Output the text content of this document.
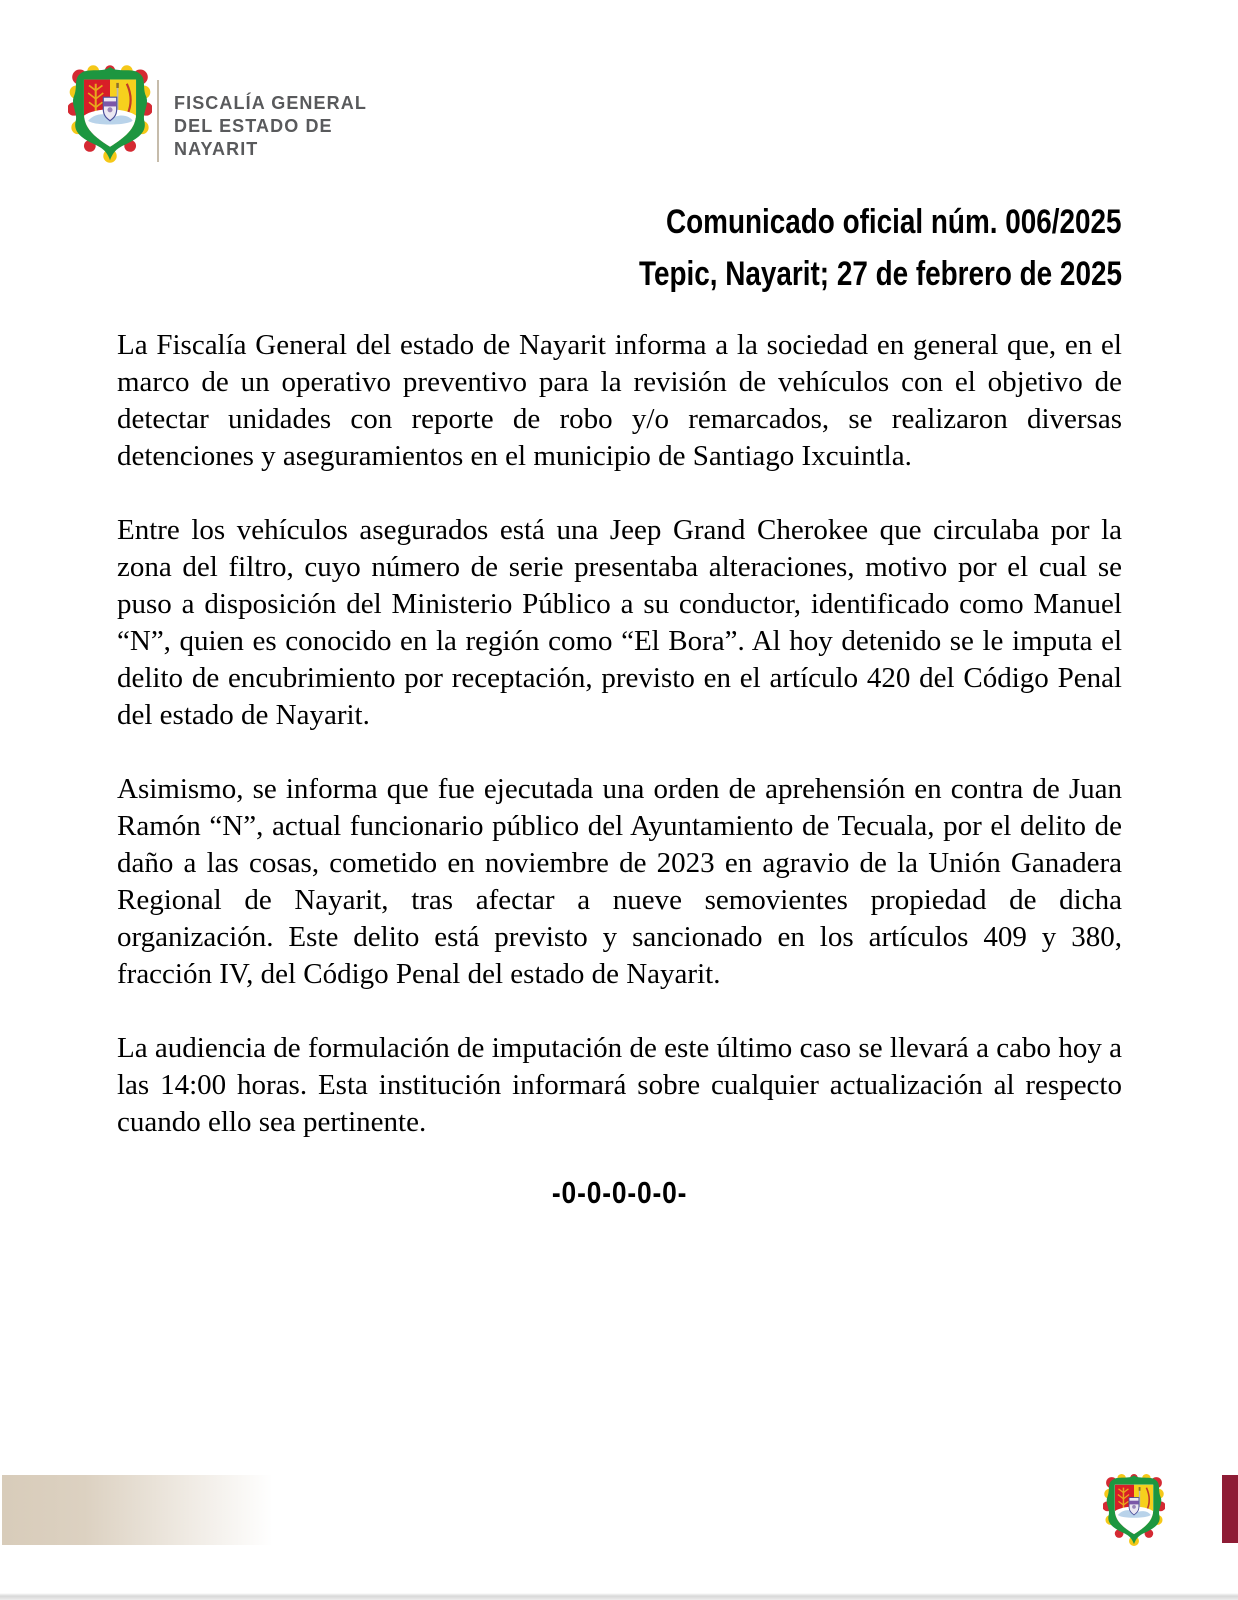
FISCALÍA GENERAL
DEL ESTADO DE
NAYARIT
Comunicado oficial núm. 006/2025
Tepic, Nayarit; 27 de febrero de 2025

La Fiscalía General del estado de Nayarit informa a la sociedad en general que, en el marco de un operativo preventivo para la revisión de vehículos con el objetivo de detectar unidades con reporte de robo y/o remarcados, se realizaron diversas detenciones y aseguramientos en el municipio de Santiago Ixcuintla.

Entre los vehículos asegurados está una Jeep Grand Cherokee que circulaba por la zona del filtro, cuyo número de serie presentaba alteraciones, motivo por el cual se puso a disposición del Ministerio Público a su conductor, identificado como Manuel “N”, quien es conocido en la región como “El Bora”. Al hoy detenido se le imputa el delito de encubrimiento por receptación, previsto en el artículo 420 del Código Penal del estado de Nayarit.

Asimismo, se informa que fue ejecutada una orden de aprehensión en contra de Juan Ramón “N”, actual funcionario público del Ayuntamiento de Tecuala, por el delito de daño a las cosas, cometido en noviembre de 2023 en agravio de la Unión Ganadera Regional de Nayarit, tras afectar a nueve semovientes propiedad de dicha organización. Este delito está previsto y sancionado en los artículos 409 y 380, fracción IV, del Código Penal del estado de Nayarit.

La audiencia de formulación de imputación de este último caso se llevará a cabo hoy a las 14:00 horas. Esta institución informará sobre cualquier actualización al respecto cuando ello sea pertinente.

-0-0-0-0-0-
